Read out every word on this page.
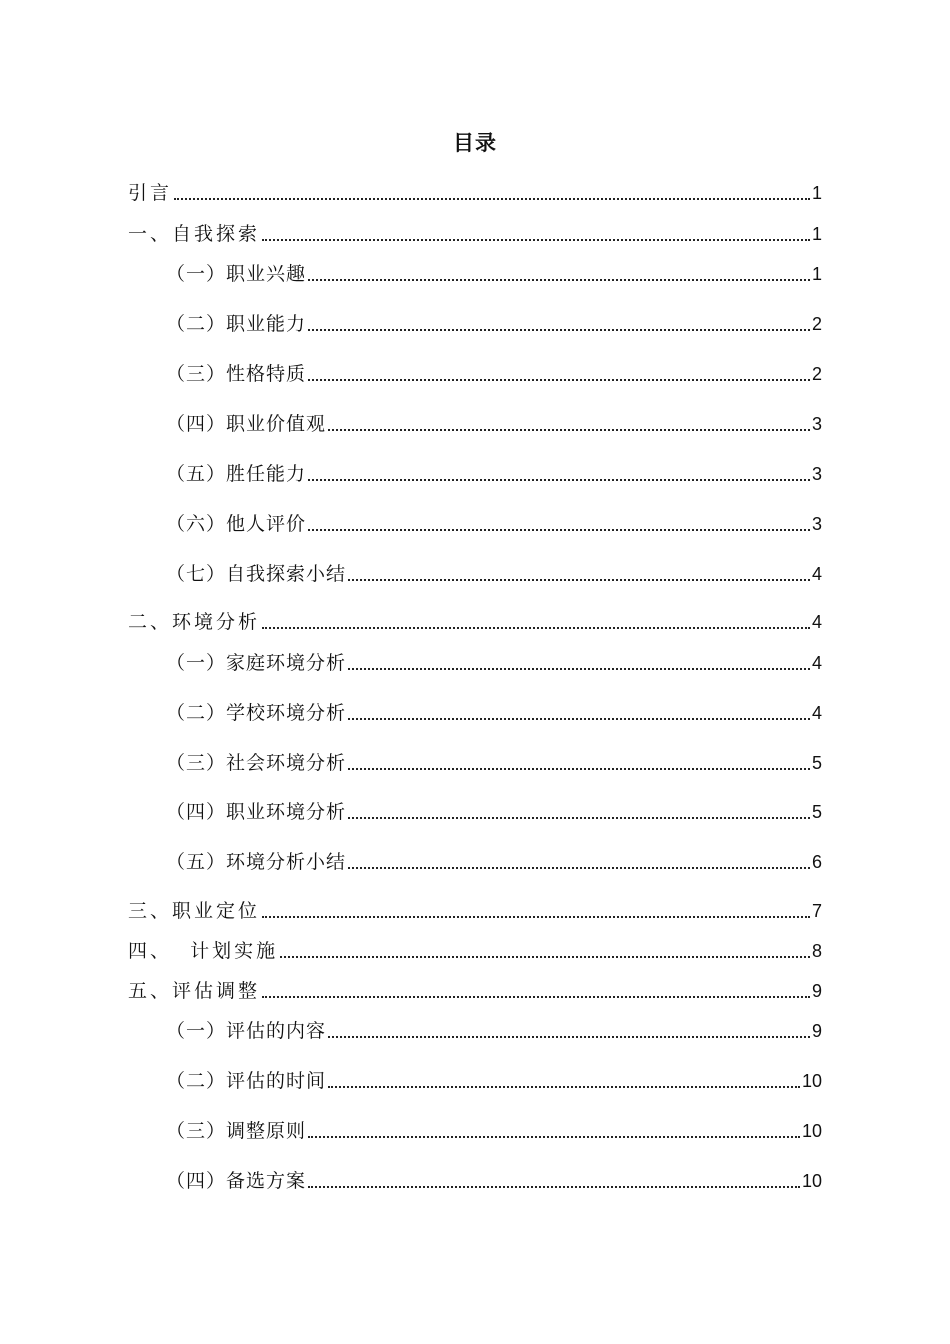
目录
引言	1
一、自我探索	1
（一）职业兴趣	1
（二）职业能力	2
（三）性格特质	2
（四）职业价值观	3
（五）胜任能力	3
（六）他人评价	3
（七）自我探索小结	4
二、环境分析	4
（一）家庭环境分析	4
（二）学校环境分析	4
（三）社会环境分析	5
（四）职业环境分析	5
（五）环境分析小结	6
三、职业定位	7
四、  计划实施	8
五、评估调整	9
（一）评估的内容	9
（二）评估的时间	10
（三）调整原则	10
（四）备选方案	10
